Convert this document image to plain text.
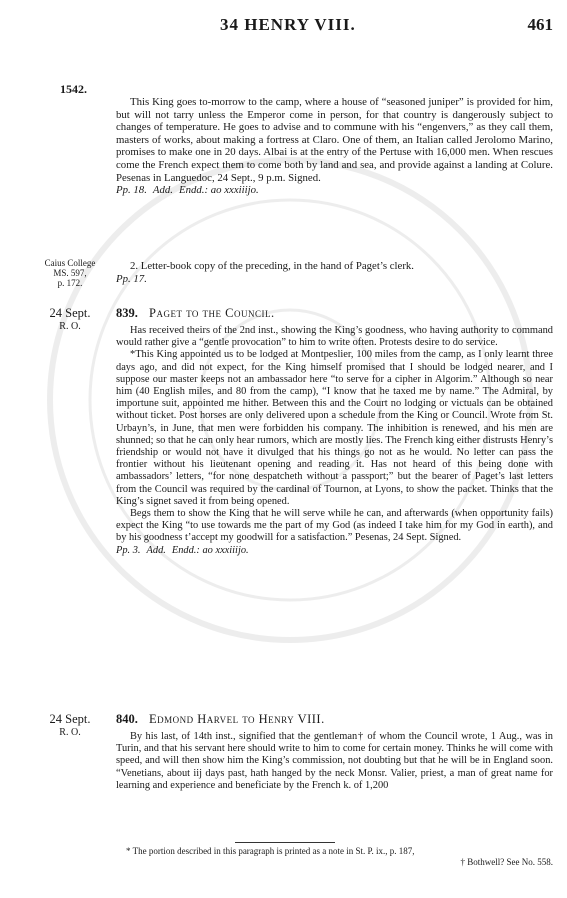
34 HENRY VIII.	461
1542.

This King goes to-morrow to the camp, where a house of “seasoned juniper” is provided for him, but will not tarry unless the Emperor come in person, for that country is dangerously subject to changes of temperature. He goes to advise and to commune with his “engenvers,” as they call them, masters of works, about making a fortress at Claro. One of them, an Italian called Jerolomo Marino, promises to make one in 20 days. Albai is at the entry of the Pertuse with 16,000 men. When rescues come the French expect them to come both by land and sea, and provide against a landing at Colure. Pesenas in Languedoc, 24 Sept., 9 p.m. Signed.

Pp. 18. Add. Endd.: ao xxxiiijo.

Caius College
MS. 597,
p. 172.

2. Letter-book copy of the preceding, in the hand of Paget’s clerk.

Pp. 17.

24 Sept.
R. O.
839. Paget to the Council.

Has received theirs of the 2nd inst., showing the King’s goodness, who having authority to command would rather give a “gentle provocation” to him to write often. Protests desire to do service.

*This King appointed us to be lodged at Montpeslier, 100 miles from the camp, as I only learnt three days ago, and did not expect, for the King himself promised that I should be lodged nearer, and I suppose our master keeps not an ambassador here “to serve for a cipher in Algorim.” Although so near him (40 English miles, and 80 from the camp), “I know that he taxed me by name.” The Admiral, by importune suit, appointed me hither. Between this and the Court no lodging or victuals can be obtained without ticket. Post horses are only delivered upon a schedule from the King or Council. Wrote from St. Urbayn’s, in June, that men were forbidden his company. The inhibition is renewed, and his men are shunned; so that he can only hear rumors, which are mostly lies. The French king either distrusts Henry’s friendship or would not have it divulged that his things go not as he would. No letter can pass the frontier without his lieutenant opening and reading it. Has not heard of this being done with ambassadors’ letters, “for none despatcheth without a passport;” but the bearer of Paget’s last letters from the Council was required by the cardinal of Tournon, at Lyons, to show the packet. Thinks that the King’s signet saved it from being opened.

Begs them to show the King that he will serve while he can, and afterwards (when opportunity fails) expect the King “to use towards me the part of my God (as indeed I take him for my God in earth), and by his goodness t’accept my goodwill for a satisfaction.” Pesenas, 24 Sept. Signed.

Pp. 3. Add. Endd.: ao xxxiiijo.

24 Sept.
R. O.
840. Edmond Harvel to Henry VIII.

By his last, of 14th inst., signified that the gentleman† of whom the Council wrote, 1 Aug., was in Turin, and that his servant here should write to him to come for certain money. Thinks he will come with speed, and will then show him the King’s commission, not doubting but that he will be in England soon. “Venetians, about iij days past, hath hanged by the neck Monsr. Valier, priest, a man of great name for learning and experience and beneficiate by the French k. of 1,200

* The portion described in this paragraph is printed as a note in St. P. ix., p. 187,

† Bothwell? See No. 558.
